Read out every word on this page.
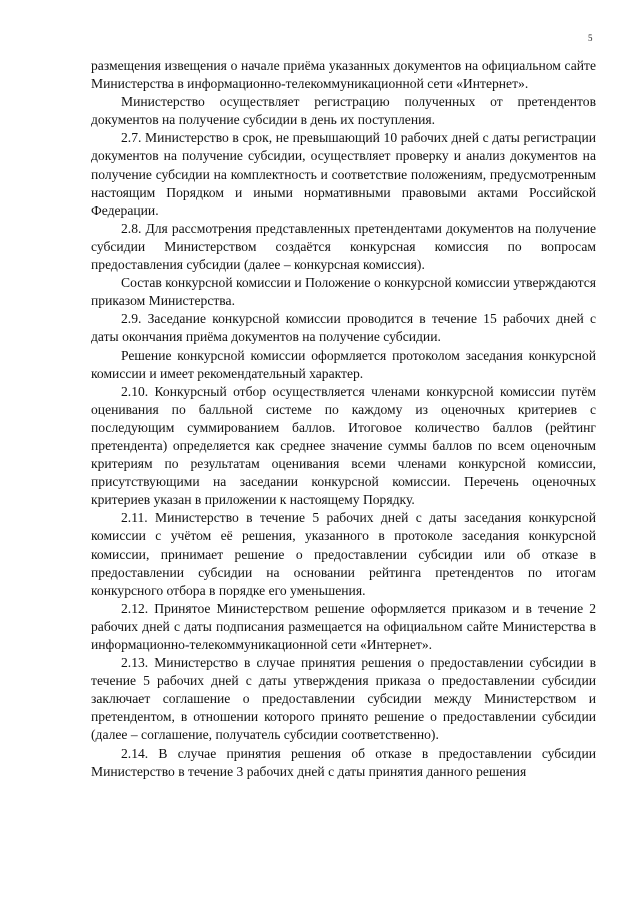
5

размещения извещения о начале приёма указанных документов на официальном сайте Министерства в информационно-телекоммуникационной сети «Интернет».

Министерство осуществляет регистрацию полученных от претендентов документов на получение субсидии в день их поступления.

2.7. Министерство в срок, не превышающий 10 рабочих дней с даты регистрации документов на получение субсидии, осуществляет проверку и анализ документов на получение субсидии на комплектность и соответствие положениям, предусмотренным настоящим Порядком и иными нормативными правовыми актами Российской Федерации.

2.8. Для рассмотрения представленных претендентами документов на получение субсидии Министерством создаётся конкурсная комиссия по вопросам предоставления субсидии (далее – конкурсная комиссия).

Состав конкурсной комиссии и Положение о конкурсной комиссии утверждаются приказом Министерства.

2.9. Заседание конкурсной комиссии проводится в течение 15 рабочих дней с даты окончания приёма документов на получение субсидии.

Решение конкурсной комиссии оформляется протоколом заседания конкурсной комиссии и имеет рекомендательный характер.

2.10. Конкурсный отбор осуществляется членами конкурсной комиссии путём оценивания по балльной системе по каждому из оценочных критериев с последующим суммированием баллов. Итоговое количество баллов (рейтинг претендента) определяется как среднее значение суммы баллов по всем оценочным критериям по результатам оценивания всеми членами конкурсной комиссии, присутствующими на заседании конкурсной комиссии. Перечень оценочных критериев указан в приложении к настоящему Порядку.

2.11. Министерство в течение 5 рабочих дней с даты заседания конкурсной комиссии с учётом её решения, указанного в протоколе заседания конкурсной комиссии, принимает решение о предоставлении субсидии или об отказе в предоставлении субсидии на основании рейтинга претендентов по итогам конкурсного отбора в порядке его уменьшения.

2.12. Принятое Министерством решение оформляется приказом и в течение 2 рабочих дней с даты подписания размещается на официальном сайте Министерства в информационно-телекоммуникационной сети «Интернет».

2.13. Министерство в случае принятия решения о предоставлении субсидии в течение 5 рабочих дней с даты утверждения приказа о предоставлении субсидии заключает соглашение о предоставлении субсидии между Министерством и претендентом, в отношении которого принято решение о предоставлении субсидии (далее – соглашение, получатель субсидии соответственно).

2.14. В случае принятия решения об отказе в предоставлении субсидии Министерство в течение 3 рабочих дней с даты принятия данного решения
